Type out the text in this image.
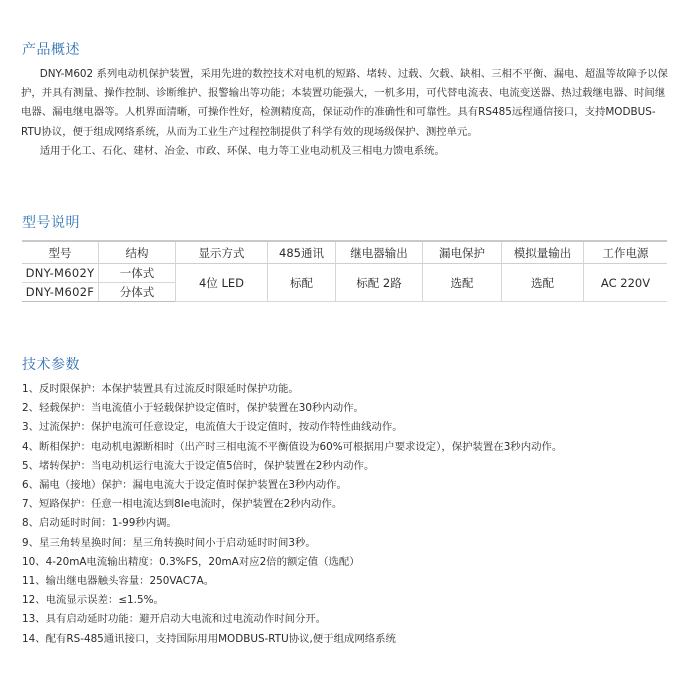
产品概述

DNY-M602 系列电动机保护装置，采用先进的数控技术对电机的短路、堵转、过载、欠载、缺相、三相不平衡、漏电、超温等故障予以保护，并具有测量、操作控制、诊断维护、报警输出等功能；本装置功能强大，一机多用，可代替电流表、电流变送器、热过载继电器、时间继电器、漏电继电器等。人机界面清晰，可操作性好，检测精度高，保证动作的准确性和可靠性。具有RS485远程通信接口，支持MODBUS-RTU协议，便于组成网络系统，从而为工业生产过程控制提供了科学有效的现场级保护、测控单元。

适用于化工、石化、建材、冶金、市政、环保、电力等工业电动机及三相电力馈电系统。

型号说明
型号	结构	显示方式	485通讯	继电器输出	漏电保护	模拟量输出	工作电源
DNY-M602Y	一体式	4位 LED	标配	标配 2路	选配	选配	AC 220V
DNY-M602F	分体式						
技术参数
1、反时限保护：本保护装置具有过流反时限延时保护功能。
2、轻载保护：当电流值小于轻载保护设定值时，保护装置在30秒内动作。
3、过流保护：保护电流可任意设定，电流值大于设定值时，按动作特性曲线动作。
4、断相保护：电动机电源断相时（出产时三相电流不平衡值设为60%可根据用户要求设定），保护装置在3秒内动作。
5、堵转保护：当电动机运行电流大于设定值5倍时，保护装置在2秒内动作。
6、漏电（接地）保护：漏电电流大于设定值时保护装置在3秒内动作。
7、短路保护：任意一相电流达到8Ie电流时，保护装置在2秒内动作。
8、启动延时时间：1-99秒内调。
9、星三角转星换时间：星三角转换时间小于启动延时时间3秒。
10、4-20mA电流输出精度：0.3%FS，20mA对应2倍的额定值（选配）
11、输出继电器触头容量：250VAC7A。
12、电流显示误差：≤1.5%。
13、具有启动延时功能：避开启动大电流和过电流动作时间分开。
14、配有RS-485通讯接口，支持国际用用MODBUS-RTU协议,便于组成网络系统
